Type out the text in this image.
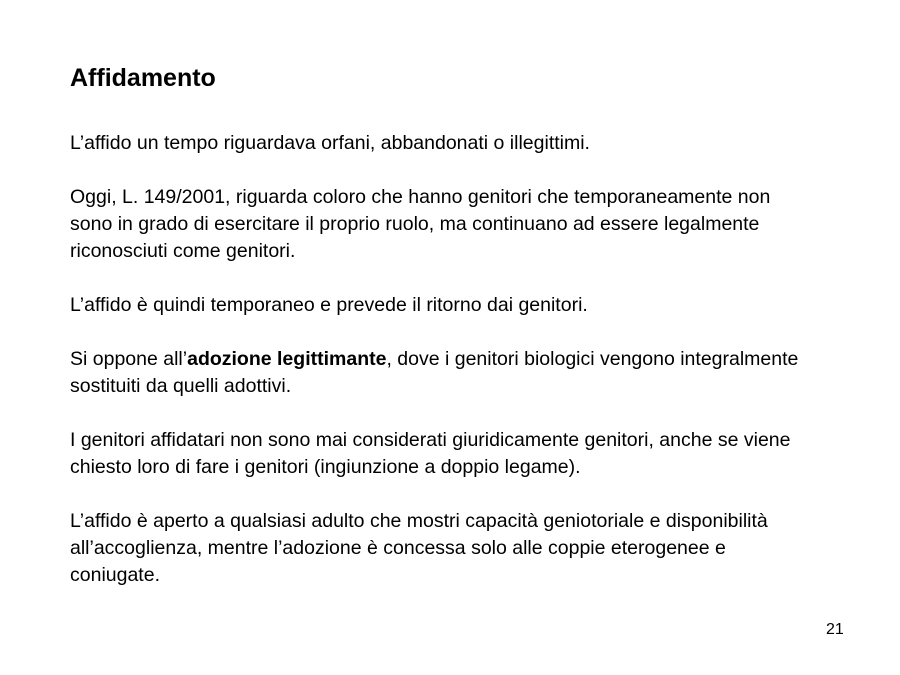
Affidamento

L’affido un tempo riguardava orfani, abbandonati o illegittimi.

Oggi, L. 149/2001, riguarda coloro che hanno genitori che temporaneamente non sono in grado di esercitare il proprio ruolo, ma continuano ad essere legalmente riconosciuti come genitori.

L’affido è quindi temporaneo e prevede il ritorno dai genitori.

Si oppone all’adozione legittimante, dove i genitori biologici vengono integralmente sostituiti da quelli adottivi.

I genitori affidatari non sono mai considerati giuridicamente genitori, anche se viene chiesto loro di fare i genitori (ingiunzione a doppio legame).

L’affido è aperto a qualsiasi adulto che mostri capacità geniotoriale e disponibilità all’accoglienza, mentre l’adozione è concessa solo alle coppie eterogenee e coniugate.

21
